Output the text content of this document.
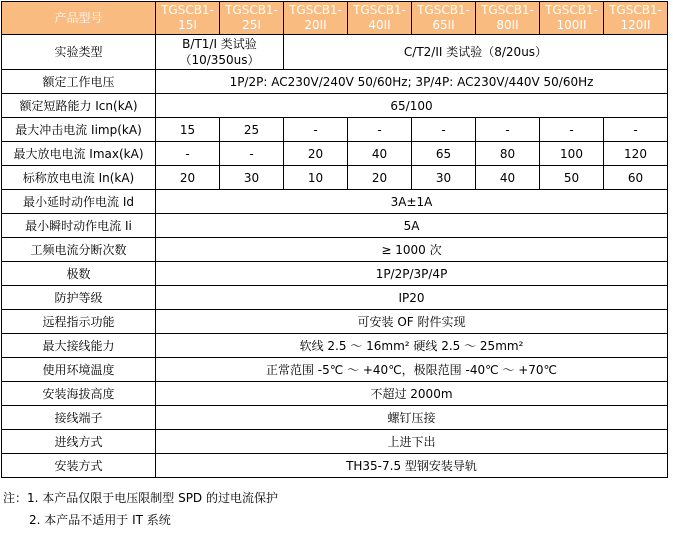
产品型号	TGSCB1-15I	TGSCB1-25I	TGSCB1-20II	TGSCB1-40II	TGSCB1-65II	TGSCB1-80II	TGSCB1-100II	TGSCB1-120II
实验类型	B/T1/I 类试验（10/350us）		C/T2/II 类试验（8/20us）					
额定工作电压	1P/2P: AC230V/240V 50/60Hz; 3P/4P: AC230V/440V 50/60Hz							
额定短路能力 Icn(kA)	65/100							
最大冲击电流 Iimp(kA)	15	25	-	-	-	-	-	-
最大放电电流 Imax(kA)	-	-	20	40	65	80	100	120
标称放电电流 In(kA)	20	30	10	20	30	40	50	60
最小延时动作电流 Id	3A±1A							
最小瞬时动作电流 Ii	5A							
工频电流分断次数	≥ 1000 次							
极数	1P/2P/3P/4P							
防护等级	IP20							
远程指示功能	可安装 OF 附件实现							
最大接线能力	软线 2.5 ～ 16mm² 硬线 2.5 ～ 25mm²							
使用环境温度	正常范围 -5℃ ～ +40℃，极限范围 -40℃ ～ +70℃							
安装海拔高度	不超过 2000m							
接线端子	螺钉压接							
进线方式	上进下出							
安装方式	TH35-7.5 型钢安装导轨							
注：1. 本产品仅限于电压限制型 SPD 的过电流保护
2. 本产品不适用于 IT 系统
